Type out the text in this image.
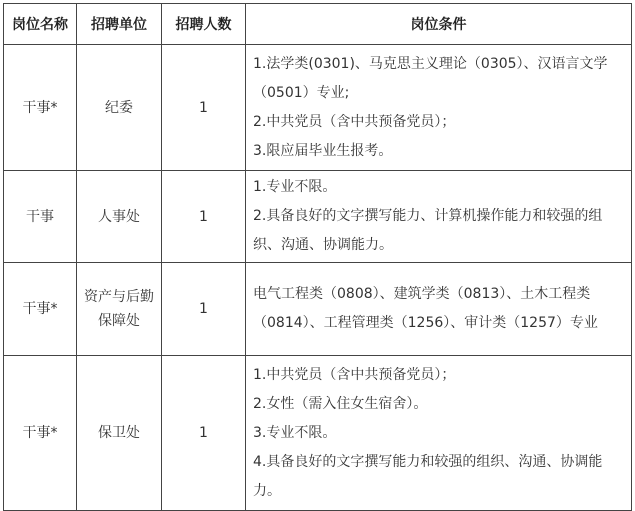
岗位名称	招聘单位	招聘人数	岗位条件
干事*	纪委	1	1.法学类(0301)、马克思主义理论（0305）、汉语言文学（0501）专业;
2.中共党员（含中共预备党员）；
3.限应届毕业生报考。

干事	人事处	1	1.专业不限。
2.具备良好的文字撰写能力、计算机操作能力和较强的组织、沟通、协调能力。

干事*	资产与后勤保障处	1	电气工程类（0808）、建筑学类（0813）、土木工程类（0814）、工程管理类（1256）、审计类（1257）专业

干事*	保卫处	1	1.中共党员（含中共预备党员）；
2.女性（需入住女生宿舍）。
3.专业不限。
4.具备良好的文字撰写能力和较强的组织、沟通、协调能力。
